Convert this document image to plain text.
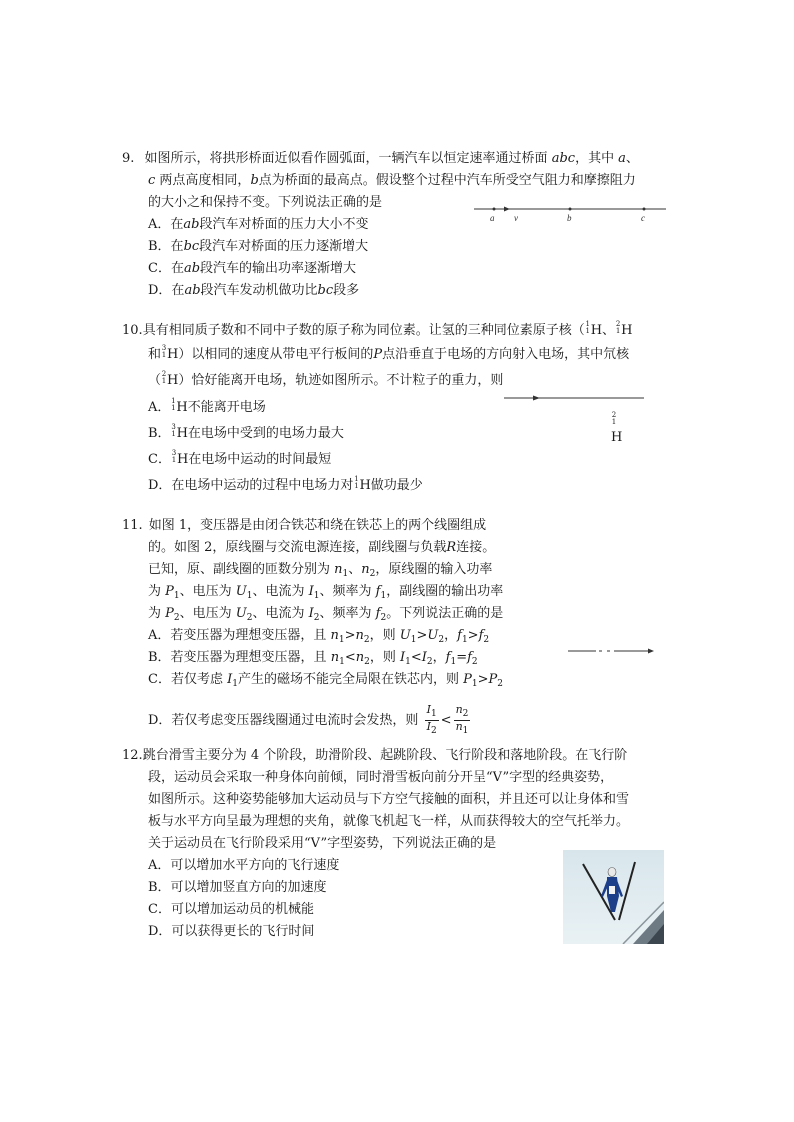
9. 如图所示，将拱形桥面近似看作圆弧面，一辆汽车以恒定速率通过桥面 abc，其中 a、
c 两点高度相同，b点为桥面的最高点。假设整个过程中汽车所受空气阻力和摩擦阻力
的大小之和保持不变。下列说法正确的是
A．在ab段汽车对桥面的压力大小不变
B．在bc段汽车对桥面的压力逐渐增大
C．在ab段汽车的输出功率逐渐增大
D．在ab段汽车发动机做功比bc段多
a v	b	c
10.具有相同质子数和不同中子数的原子称为同位素。让氢的三种同位素原子核（1
1H、2
1H
和3
1H）以相同的速度从带电平行板间的P点沿垂直于电场的方向射入电场，其中氘核
（2
1H）恰好能离开电场，轨迹如图所示。不计粒子的重力，则
A．1
1H不能离开电场
B．3
1H在电场中受到的电场力最大
C．3
1H在电场中运动的时间最短
D．在电场中运动的过程中电场力对1
1H做功最少
2
1H
11. 如图 1，变压器是由闭合铁芯和绕在铁芯上的两个线圈组成
的。如图 2，原线圈与交流电源连接，副线圈与负载R连接。
已知，原、副线圈的匝数分别为 $n_1$、$n_2$，原线圈的输入功率
为 $P_1$、电压为 $U_1$、电流为 $I_1$、频率为 $f_1$，副线圈的输出功率
为 $P_2$、电压为 $U_2$、电流为 $I_2$、频率为 $f_2$。下列说法正确的是
A．若变压器为理想变压器，且 $n_1>n_2$，则 $U_1>U_2$，$f_1>f_2$
B．若变压器为理想变压器，且 $n_1<n_2$，则 $I_1<I_2$，$f_1=f_2$
C．若仅考虑 $I_1$产生的磁场不能完全局限在铁芯内，则 $P_1>P_2$
D．若仅考虑变压器线圈通过电流时会发热，则 $\frac{I_1}{I_2} < \frac{n_2}{n_1}$
12.跳台滑雪主要分为 4 个阶段，助滑阶段、起跳阶段、飞行阶段和落地阶段。在飞行阶
段，运动员会采取一种身体向前倾，同时滑雪板向前分开呈“V”字型的经典姿势，
如图所示。这种姿势能够加大运动员与下方空气接触的面积，并且还可以让身体和雪
板与水平方向呈最为理想的夹角，就像飞机起飞一样，从而获得较大的空气托举力。
关于运动员在飞行阶段采用“V”字型姿势，下列说法正确的是
A．可以增加水平方向的飞行速度
B．可以增加竖直方向的加速度
C．可以增加运动员的机械能
D．可以获得更长的飞行时间
